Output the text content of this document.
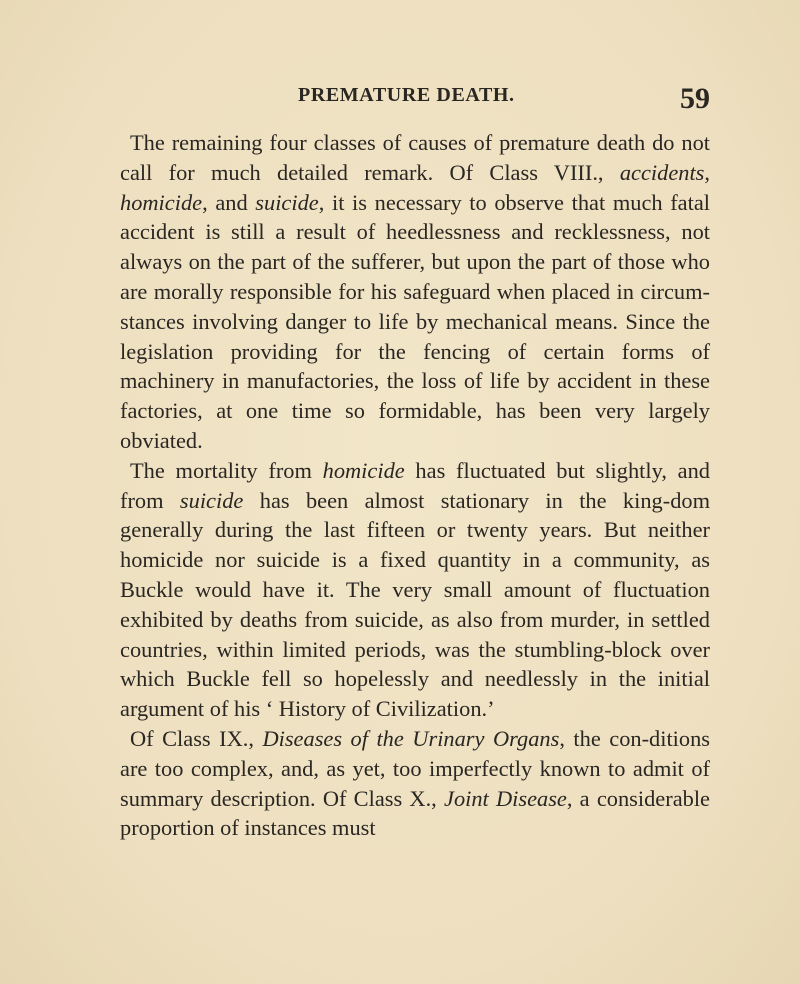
PREMATURE DEATH.	59

The remaining four classes of causes of premature death do not call for much detailed remark. Of Class VIII., accidents, homicide, and suicide, it is necessary to observe that much fatal accident is still a result of heedlessness and recklessness, not always on the part of the sufferer, but upon the part of those who are morally responsible for his safeguard when placed in circum-stances involving danger to life by mechanical means. Since the legislation providing for the fencing of certain forms of machinery in manufactories, the loss of life by accident in these factories, at one time so formidable, has been very largely obviated.

The mortality from homicide has fluctuated but slightly, and from suicide has been almost stationary in the king-dom generally during the last fifteen or twenty years. But neither homicide nor suicide is a fixed quantity in a community, as Buckle would have it. The very small amount of fluctuation exhibited by deaths from suicide, as also from murder, in settled countries, within limited periods, was the stumbling-block over which Buckle fell so hopelessly and needlessly in the initial argument of his ‘ History of Civilization.’

Of Class IX., Diseases of the Urinary Organs, the con-ditions are too complex, and, as yet, too imperfectly known to admit of summary description. Of Class X., Joint Disease, a considerable proportion of instances must
